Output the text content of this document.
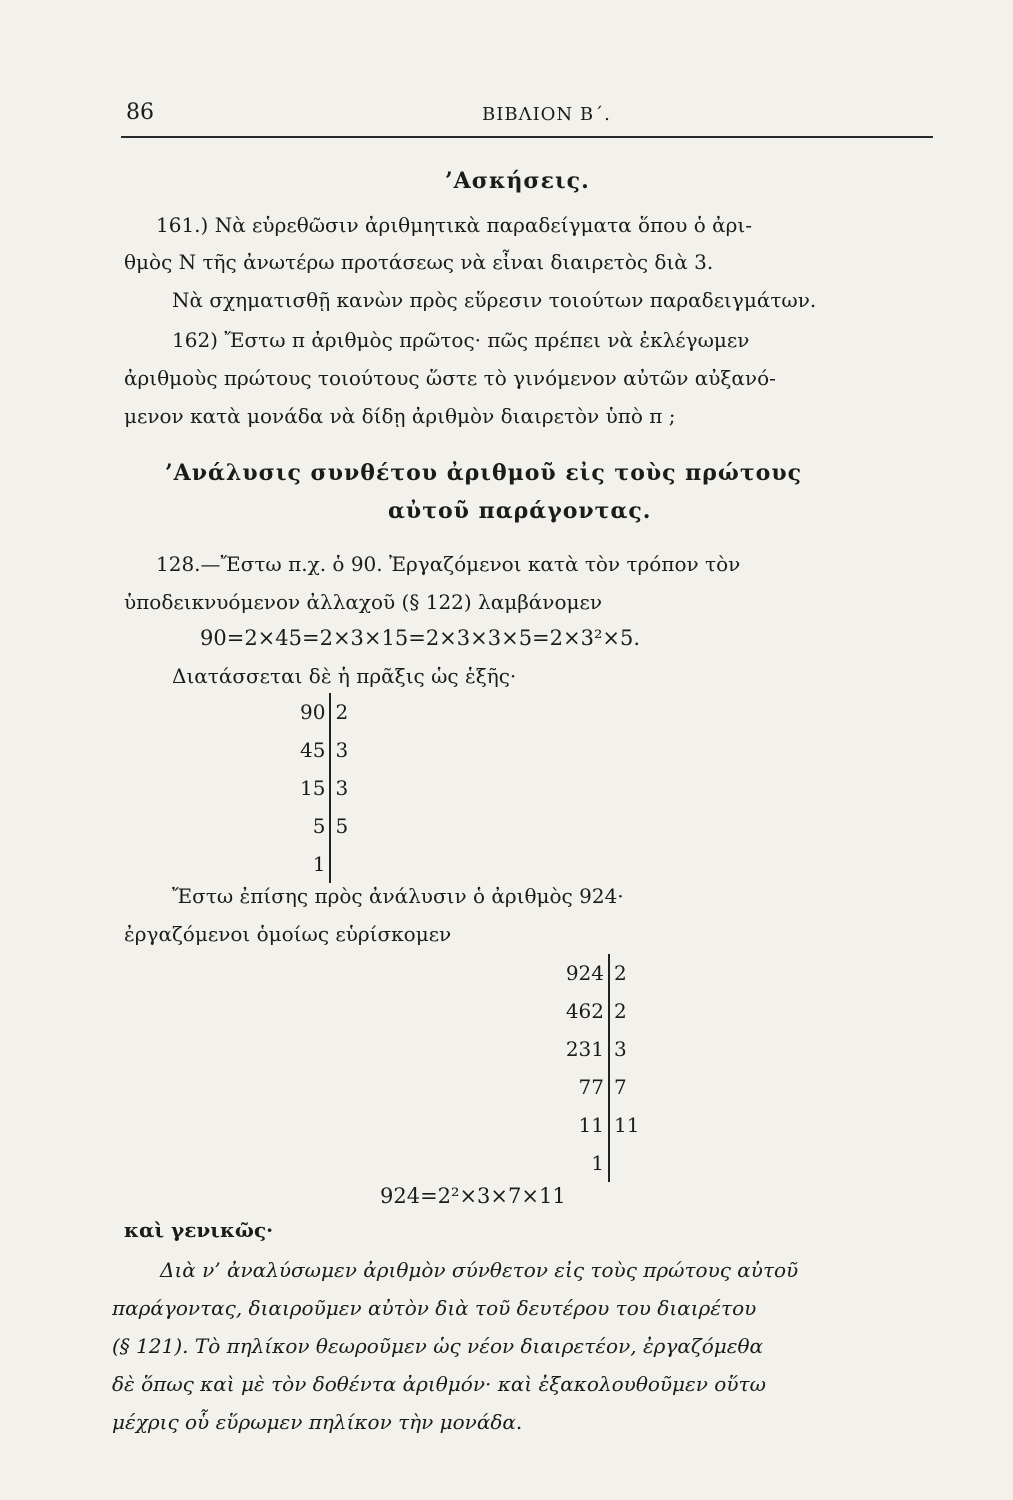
86	ΒΙΒΛΙΟΝ Β΄.
’Ασκήσεις.
161.) Νὰ εὑρεθῶσιν ἀριθμητικὰ παραδείγματα ὅπου ὁ ἀρι-
θμὸς N τῆς ἀνωτέρω προτάσεως νὰ εἶναι διαιρετὸς διὰ 3.
Νὰ σχηματισθῇ κανὼν πρὸς εὕρεσιν τοιούτων παραδειγμάτων.
162) Ἔστω π ἀριθμὸς πρῶτος· πῶς πρέπει νὰ ἐκλέγωμεν
ἀριθμοὺς πρώτους τοιούτους ὥστε τὸ γινόμενον αὐτῶν αὐξανό-
μενον κατὰ μονάδα νὰ δίδῃ ἀριθμὸν διαιρετὸν ὑπὸ π ;
’Ανάλυσις συνθέτου ἀριθμοῦ εἰς τοὺς πρώτους
αὐτοῦ παράγοντας.
128.—Ἔστω π.χ. ὁ 90. Ἐργαζόμενοι κατὰ τὸν τρόπον τὸν
ὑποδεικνυόμενον ἀλλαχοῦ (§ 122) λαμβάνομεν
90=2×45=2×3×15=2×3×3×5=2×3²×5.
Διατάσσεται δὲ ἡ πρᾶξις ὡς ἑξῆς·
90	2
45	3
15	3
5	5
1	
Ἔστω ἐπίσης πρὸς ἀνάλυσιν ὁ ἀριθμὸς 924·
ἐργαζόμενοι ὁμοίως εὑρίσκομεν
924	2
462	2
231	3
77	7
11	11
1	
924=2²×3×7×11
καὶ γενικῶς·
Διὰ ν’ ἀναλύσωμεν ἀριθμὸν σύνθετον εἰς τοὺς πρώτους αὐτοῦ
παράγοντας, διαιροῦμεν αὐτὸν διὰ τοῦ δευτέρου του διαιρέτου
(§ 121). Τὸ πηλίκον θεωροῦμεν ὡς νέον διαιρετέον, ἐργαζόμεθα
δὲ ὅπως καὶ μὲ τὸν δοθέντα ἀριθμόν· καὶ ἐξακολουθοῦμεν οὕτω
μέχρις οὗ εὕρωμεν πηλίκον τὴν μονάδα.
